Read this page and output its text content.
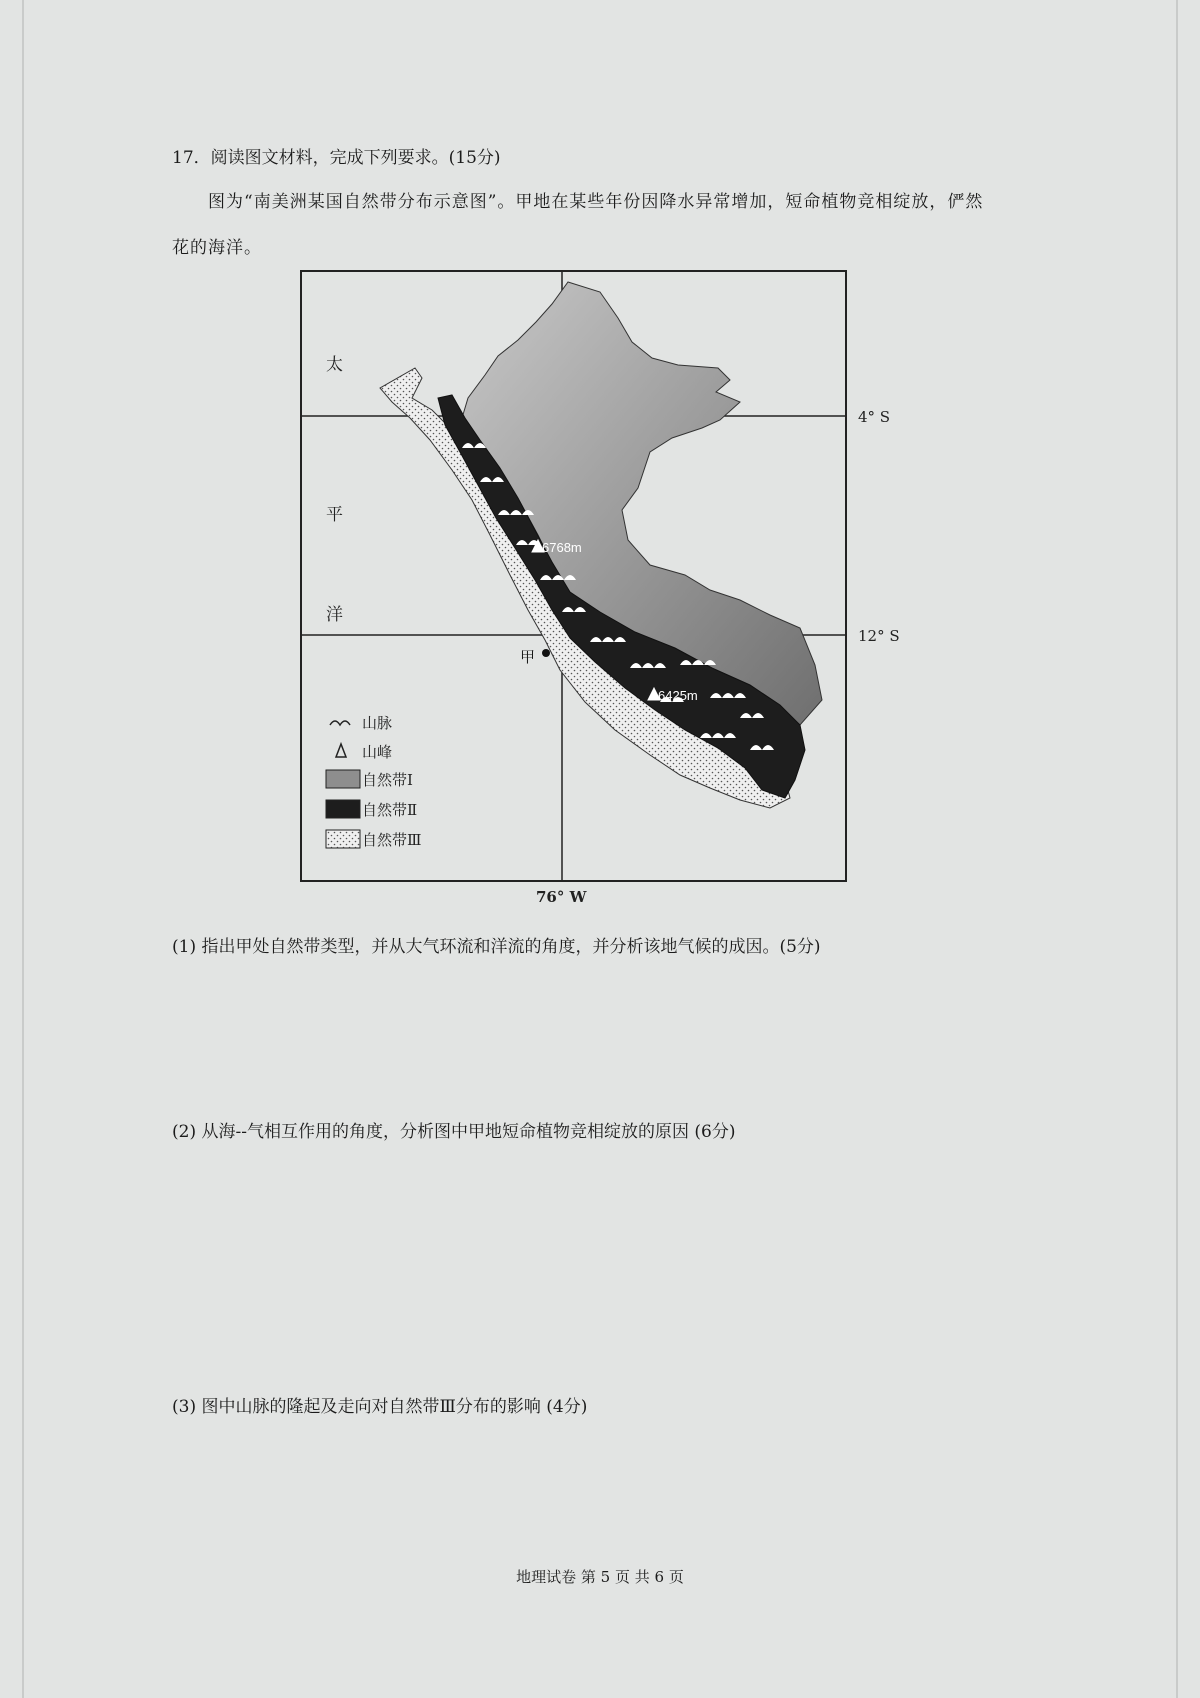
17．阅读图文材料，完成下列要求。(15分)
图为“南美洲某国自然带分布示意图”。甲地在某些年份因降水异常增加，短命植物竞相绽放，俨然
花的海洋。
6768m
6425m
甲
太
平
洋
4° S
12° S
76° W
山脉
山峰
自然带Ⅰ
自然带Ⅱ
自然带Ⅲ
(1) 指出甲处自然带类型，并从大气环流和洋流的角度，并分析该地气候的成因。(5分)
(2) 从海--气相互作用的角度，分析图中甲地短命植物竞相绽放的原因 (6分)
(3) 图中山脉的隆起及走向对自然带Ⅲ分布的影响 (4分)
地理试卷 第 5 页 共 6 页
